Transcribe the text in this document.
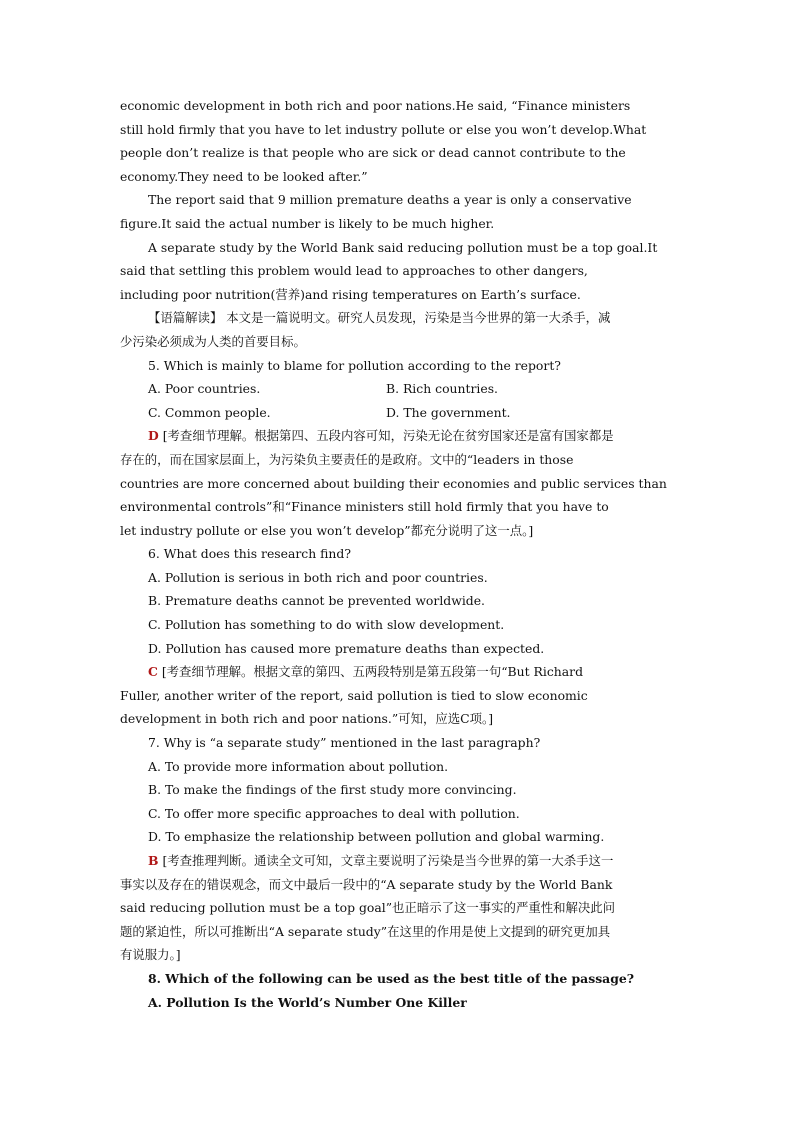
economic development in both rich and poor nations.He said, “Finance ministers
still hold firmly that you have to let industry pollute or else you won’t develop.What
people don’t realize is that people who are sick or dead cannot contribute to the
economy.They need to be looked after.”

The report said that 9 million premature deaths a year is only a conservative
figure.It said the actual number is likely to be much higher.

A separate study by the World Bank said reducing pollution must be a top goal.It
said that settling this problem would lead to approaches to other dangers,
including poor nutrition(营养)and rising temperatures on Earth’s surface.

【语篇解读】 本文是一篇说明文。研究人员发现，污染是当今世界的第一大杀手，减
少污染必须成为人类的首要目标。

5. Which is mainly to blame for pollution according to the report?

A. Poor countries.	B. Rich countries.
C. Common people.	D. The government.

D [考查细节理解。根据第四、五段内容可知，污染无论在贫穷国家还是富有国家都是
存在的，而在国家层面上，为污染负主要责任的是政府。文中的“leaders in those
countries are more concerned about building their economies and public services than
environmental controls”和“Finance ministers still hold firmly that you have to
let industry pollute or else you won’t develop”都充分说明了这一点。]

6. What does this research find?

A. Pollution is serious in both rich and poor countries.

B. Premature deaths cannot be prevented worldwide.

C. Pollution has something to do with slow development.

D. Pollution has caused more premature deaths than expected.

C [考查细节理解。根据文章的第四、五两段特别是第五段第一句“But Richard
Fuller, another writer of the report, said pollution is tied to slow economic
development in both rich and poor nations.”可知，应选C项。]

7. Why is “a separate study” mentioned in the last paragraph?

A. To provide more information about pollution.

B. To make the findings of the first study more convincing.

C. To offer more specific approaches to deal with pollution.

D. To emphasize the relationship between pollution and global warming.

B [考查推理判断。通读全文可知，文章主要说明了污染是当今世界的第一大杀手这一
事实以及存在的错误观念，而文中最后一段中的“A separate study by the World Bank
said reducing pollution must be a top goal”也正暗示了这一事实的严重性和解决此问
题的紧迫性，所以可推断出“A separate study”在这里的作用是使上文提到的研究更加具
有说服力。]

8. Which of the following can be used as the best title of the passage?

A. Pollution Is the World’s Number One Killer
